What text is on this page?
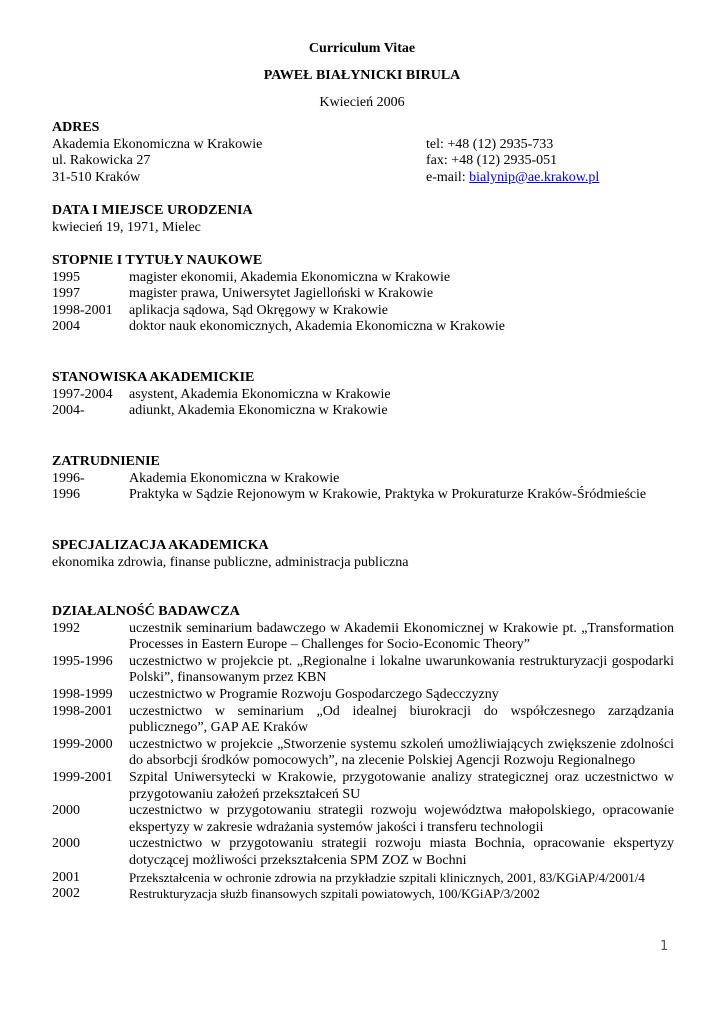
Curriculum Vitae
PAWEŁ BIAŁYNICKI BIRULA
Kwiecień 2006
ADRES
Akademia Ekonomiczna w Krakowie	tel: +48 (12) 2935-733
ul. Rakowicka 27	fax: +48 (12) 2935-051
31-510 Kraków	e-mail: bialynip@ae.krakow.pl
DATA I MIEJSCE URODZENIA
kwiecień 19, 1971, Mielec
STOPNIE I TYTUŁY NAUKOWE
1995	magister ekonomii, Akademia Ekonomiczna w Krakowie
1997	magister prawa, Uniwersytet Jagielloński w Krakowie
1998-2001	aplikacja sądowa, Sąd Okręgowy w Krakowie
2004	doktor nauk ekonomicznych, Akademia Ekonomiczna w Krakowie
STANOWISKA AKADEMICKIE
1997-2004	asystent, Akademia Ekonomiczna w Krakowie
2004-	adiunkt, Akademia Ekonomiczna w Krakowie
ZATRUDNIENIE
1996-	Akademia Ekonomiczna w Krakowie
1996	Praktyka w Sądzie Rejonowym w Krakowie, Praktyka w Prokuraturze Kraków-Śródmieście
SPECJALIZACJA AKADEMICKA
ekonomika zdrowia, finanse publiczne, administracja publiczna
DZIAŁALNOŚĆ BADAWCZA
1992	uczestnik seminarium badawczego w Akademii Ekonomicznej w Krakowie pt. „Transformation Processes in Eastern Europe – Challenges for Socio-Economic Theory”
1995-1996	uczestnictwo w projekcie pt. „Regionalne i lokalne uwarunkowania restrukturyzacji gospodarki Polski”, finansowanym przez KBN
1998-1999	uczestnictwo w Programie Rozwoju Gospodarczego Sądecczyzny
1998-2001	uczestnictwo w seminarium „Od idealnej biurokracji do współczesnego zarządzania publicznego”, GAP AE Kraków
1999-2000	uczestnictwo w projekcie „Stworzenie systemu szkoleń umożliwiających zwiększenie zdolności do absorbcji środków pomocowych”, na zlecenie Polskiej Agencji Rozwoju Regionalnego
1999-2001	Szpital Uniwersytecki w Krakowie, przygotowanie analizy strategicznej oraz uczestnictwo w przygotowaniu założeń przekształceń SU
2000	uczestnictwo w przygotowaniu strategii rozwoju województwa małopolskiego, opracowanie ekspertyzy w zakresie wdrażania systemów jakości i transferu technologii
2000	uczestnictwo w przygotowaniu strategii rozwoju miasta Bochnia, opracowanie ekspertyzy dotyczącej możliwości przekształcenia SPM ZOZ w Bochni
2001	Przekształcenia w ochronie zdrowia na przykładzie szpitali klinicznych, 2001, 83/KGiAP/4/2001/4
2002	Restrukturyzacja służb finansowych szpitali powiatowych, 100/KGiAP/3/2002
1
